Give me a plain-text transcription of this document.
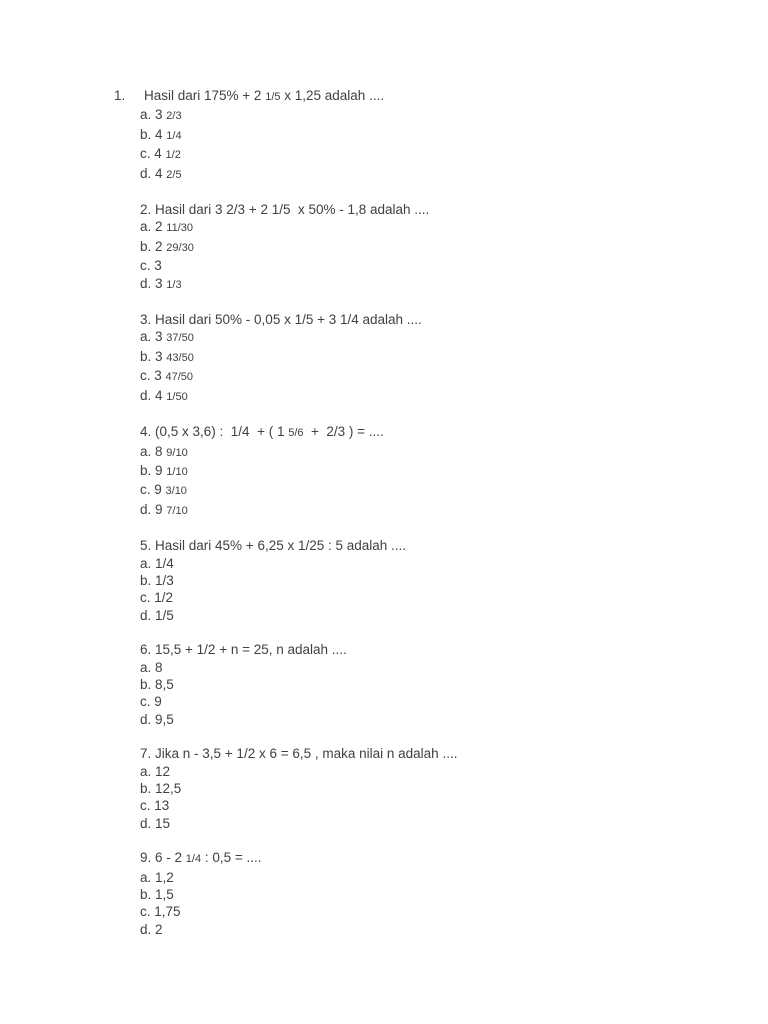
1. Hasil dari 175% + 2 1/5 x 1,25 adalah ....
a. 3 2/3
b. 4 1/4
c. 4 1/2
d. 4 2/5
2. Hasil dari 3 2/3 + 2 1/5  x 50% - 1,8 adalah ....
a. 2 11/30
b. 2 29/30
c. 3
d. 3 1/3
3. Hasil dari 50% - 0,05 x 1/5 + 3 1/4 adalah ....
a. 3 37/50
b. 3 43/50
c. 3 47/50
d. 4 1/50
4. (0,5 x 3,6) :  1/4  + ( 1 5/6  +  2/3 ) = ....
a. 8 9/10
b. 9 1/10
c. 9 3/10
d. 9 7/10
5. Hasil dari 45% + 6,25 x 1/25 : 5 adalah ....
a. 1/4
b. 1/3
c. 1/2
d. 1/5
6. 15,5 + 1/2 + n = 25, n adalah ....
a. 8
b. 8,5
c. 9
d. 9,5
7. Jika n - 3,5 + 1/2 x 6 = 6,5 , maka nilai n adalah ....
a. 12
b. 12,5
c. 13
d. 15
9. 6 - 2 1/4 : 0,5 = ....
a. 1,2
b. 1,5
c. 1,75
d. 2
